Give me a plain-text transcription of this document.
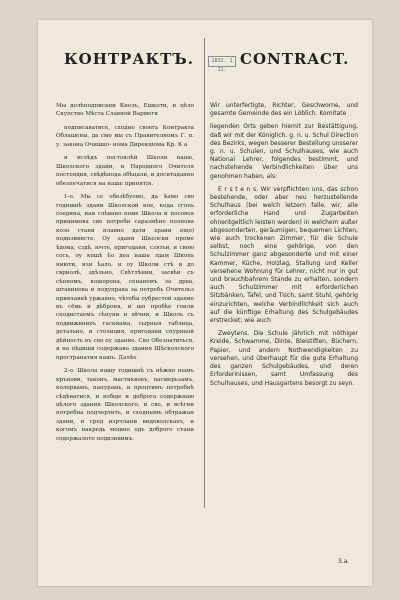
КОНТРАКТЪ.	1832. 1 11.
CONTRACT.

Мы долѣподписани Кнезъ, Ешкоти, и цѣло Скупство Мѣста Славной Вармеги

подписаватисе, сходно своегь Контракта Облашены, да смо мы съ Правителномъ Г. н. у. закона Очишно- нома Дирекціома Кр. К а

и вслѣдъ постоялѣй Школи наше, Школского здани, и Народного Очителя постоядия, свѣдѣнода обѣцали, и доситаданно обезпечатися на наше принятія.

1-о. Мы се обезѣбуемо, да ѣамо сво годишнѣ здани Школской ное, кода сгопь соедина, наи слѣвано поме Школа и посовоя принимова сво потреби саразмѣно полнова коэо стани плавно дати храни ещо) подизивисте. Оу здани Школски проме ѣдома, сздѣ, ючте, пригодани, сзятьи, и свою сось, оу кошѣ ѣо деа наша здам Шкопь ниюти, изи ѣало, и оу Школи стѣ и до сврнолѣ, здѣльно, Свѣтлѣнии, засвѣи съ сѣнномъ, кошорона, сенаномъ за дрва, штавинова и подуправа за потребь Очительз привлавнѣ уржавно, чѣтобы оубрестой здание въ сёмь и дѣброня, и шо пробѣе гонли сподистаемъ сѣнуни и вѣчни, и Школь съ подвижвнихъ гаскиама, сырныя таблица, детально, и столиция, пригодани спурицой дѣйность въ сво оу здание. Сво Обезпатиться, и на пѣдиши содержаво здания Шѣсколского пространатия нашъ. Далѣе

2-о. Школа нашу годишнѣ съ нѣжно нымъ кръпови, таконъ, мастиквовъ, пасмерьзамъ, колорвамъ, папурамь, и процтимъ потребнѣ сѣдѣнатися, и вобще и доброга содержнаю цѣлого здания Школского, и сво, и всѣгни потребна подчертить, и сходнымъ обтражан здани, и сред изрчлани видоволскахъ, и когомъ накредь мошно одъ доброго стани содержалото подизивимъ.

Wir unterfertigte, Richter, Geschworne, und gesamte Gemeinde des ein Löblich. Komitate

liegenden Orts geben hiemit zur Bestättigung, daß wir mit der Königlich. g. n. u. Schul Direction des Bezirks, wegen besserer Bestellung unsserer g. n. u. Schulen, und Schulhauses, wie auch National Lehrer, folgendes bestimmt, und nachstehende Verbindlichkeiten über uns genohmen haben, als:

E r s t e n s. Wir verpflichten uns, das schon bestehende, oder aber neu herzustellende Schulhaus (bei welch letzern falle, wir, alle erforderliche Hand und Zugarbeiten ohnentgeltlich leisten werden) in welchem außer abgesonderten, geräumigen, bequemen Lichten, wie auch trockenen Zimmer, für die Schule selbst, noch eine gehörige, von den Schulzimmer ganz abgesonderte und mit einer Kammer, Küche, Holzlag, Stallung und Keller versehene Wohnung für Lehrer, nicht nur in gut und brauchbahrem Stande zu erhalten, sondern auch Schulzimmer mit erforderlichen Sitzbänken, Tafel, und Tisch, samt Stuhl, gehörig einzurichten, welche Verbindlichkeit sich auch auf die künftige Erhaltung des Schulgebäudes erstrecket; wie auch

Zweytens. Die Schule jährlich mit nöthiger Kreide, Schwamme, Dinte, Bleistiften, Büchern, Papier, und andern Nothwendigkeiten zu versehen, und überhaupt für die gute Erhaltung des ganzen Schulgebäudes, und deren Erforderinissen, samt Umfassung des Schulhauses, und Hausgartens besorgt zu seyn.

3.a.
